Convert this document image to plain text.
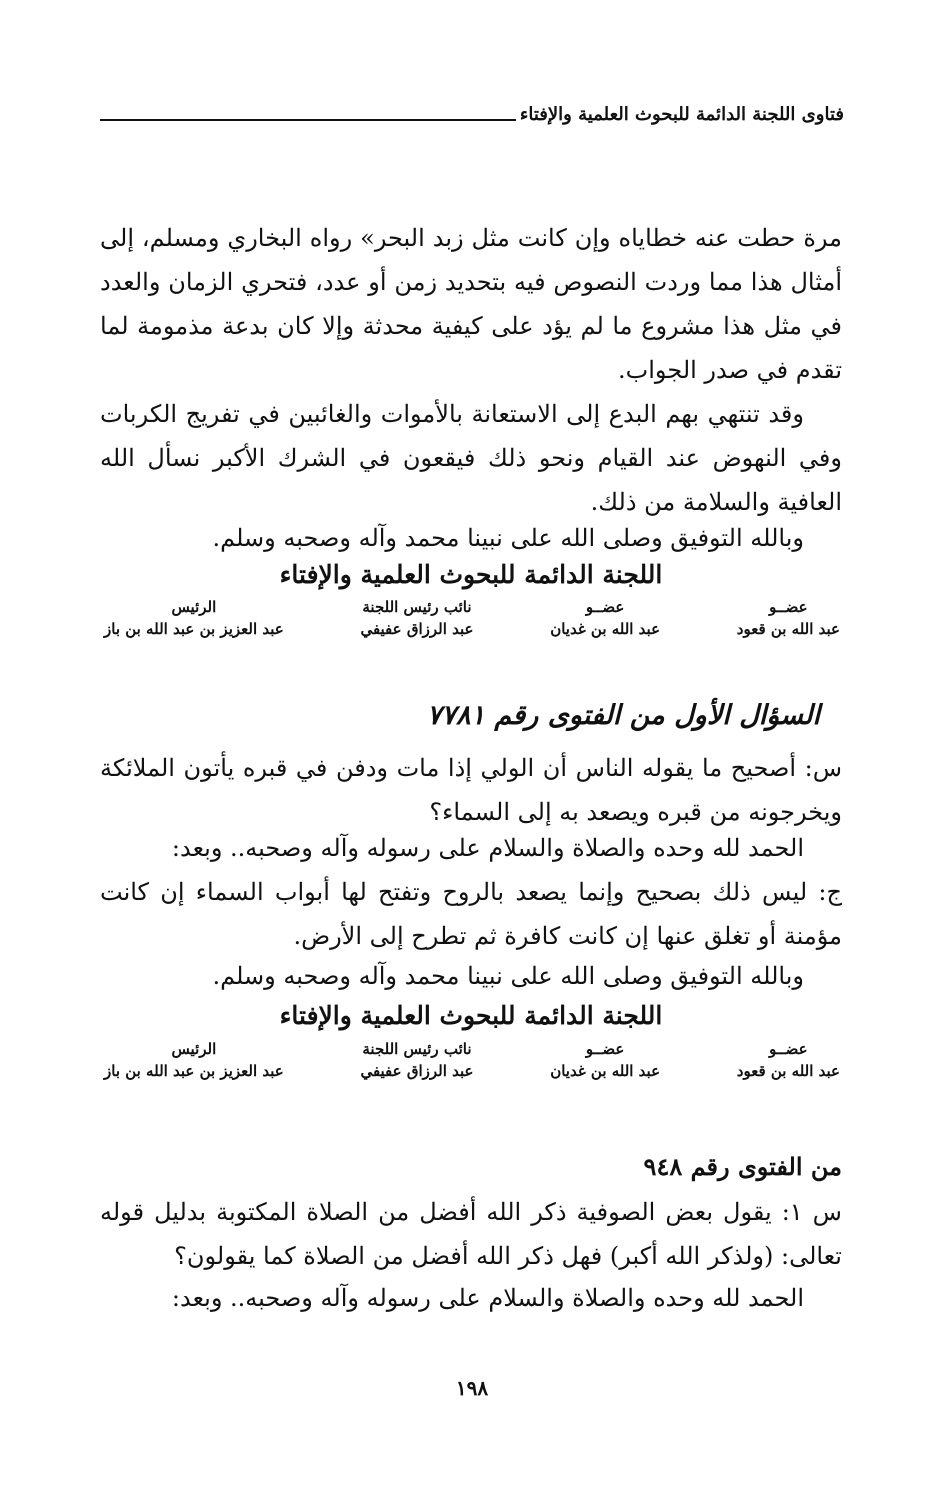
فتاوى اللجنة الدائمة للبحوث العلمية والإفتاء

مرة حطت عنه خطاياه وإن كانت مثل زبد البحر» رواه البخاري ومسلم، إلى أمثال هذا مما وردت النصوص فيه بتحديد زمن أو عدد، فتحري الزمان والعدد في مثل هذا مشروع ما لم يؤد على كيفية محدثة وإلا كان بدعة مذمومة لما تقدم في صدر الجواب.

وقد تنتهي بهم البدع إلى الاستعانة بالأموات والغائبين في تفريج الكربات وفي النهوض عند القيام ونحو ذلك فيقعون في الشرك الأكبر نسأل الله العافية والسلامة من ذلك.

وبالله التوفيق وصلى الله على نبينا محمد وآله وصحبه وسلم.

اللجنة الدائمة للبحوث العلمية والإفتاء

عضــو
عبد الله بن قعود
عضــو
عبد الله بن غديان
نائب رئيس اللجنة
عبد الرزاق عفيفي
الرئيس
عبد العزيز بن عبد الله بن باز
السؤال الأول من الفتوى رقم ٧٧٨١

س: أصحيح ما يقوله الناس أن الولي إذا مات ودفن في قبره يأتون الملائكة ويخرجونه من قبره ويصعد به إلى السماء؟

الحمد لله وحده والصلاة والسلام على رسوله وآله وصحبه.. وبعد:

ج: ليس ذلك بصحيح وإنما يصعد بالروح وتفتح لها أبواب السماء إن كانت مؤمنة أو تغلق عنها إن كانت كافرة ثم تطرح إلى الأرض.

وبالله التوفيق وصلى الله على نبينا محمد وآله وصحبه وسلم.

اللجنة الدائمة للبحوث العلمية والإفتاء

عضــو
عبد الله بن قعود
عضــو
عبد الله بن غديان
نائب رئيس اللجنة
عبد الرزاق عفيفي
الرئيس
عبد العزيز بن عبد الله بن باز
من الفتوى رقم ٩٤٨

س ١: يقول بعض الصوفية ذكر الله أفضل من الصلاة المكتوبة بدليل قوله تعالى: (ولذكر الله أكبر) فهل ذكر الله أفضل من الصلاة كما يقولون؟

الحمد لله وحده والصلاة والسلام على رسوله وآله وصحبه.. وبعد:

١٩٨
